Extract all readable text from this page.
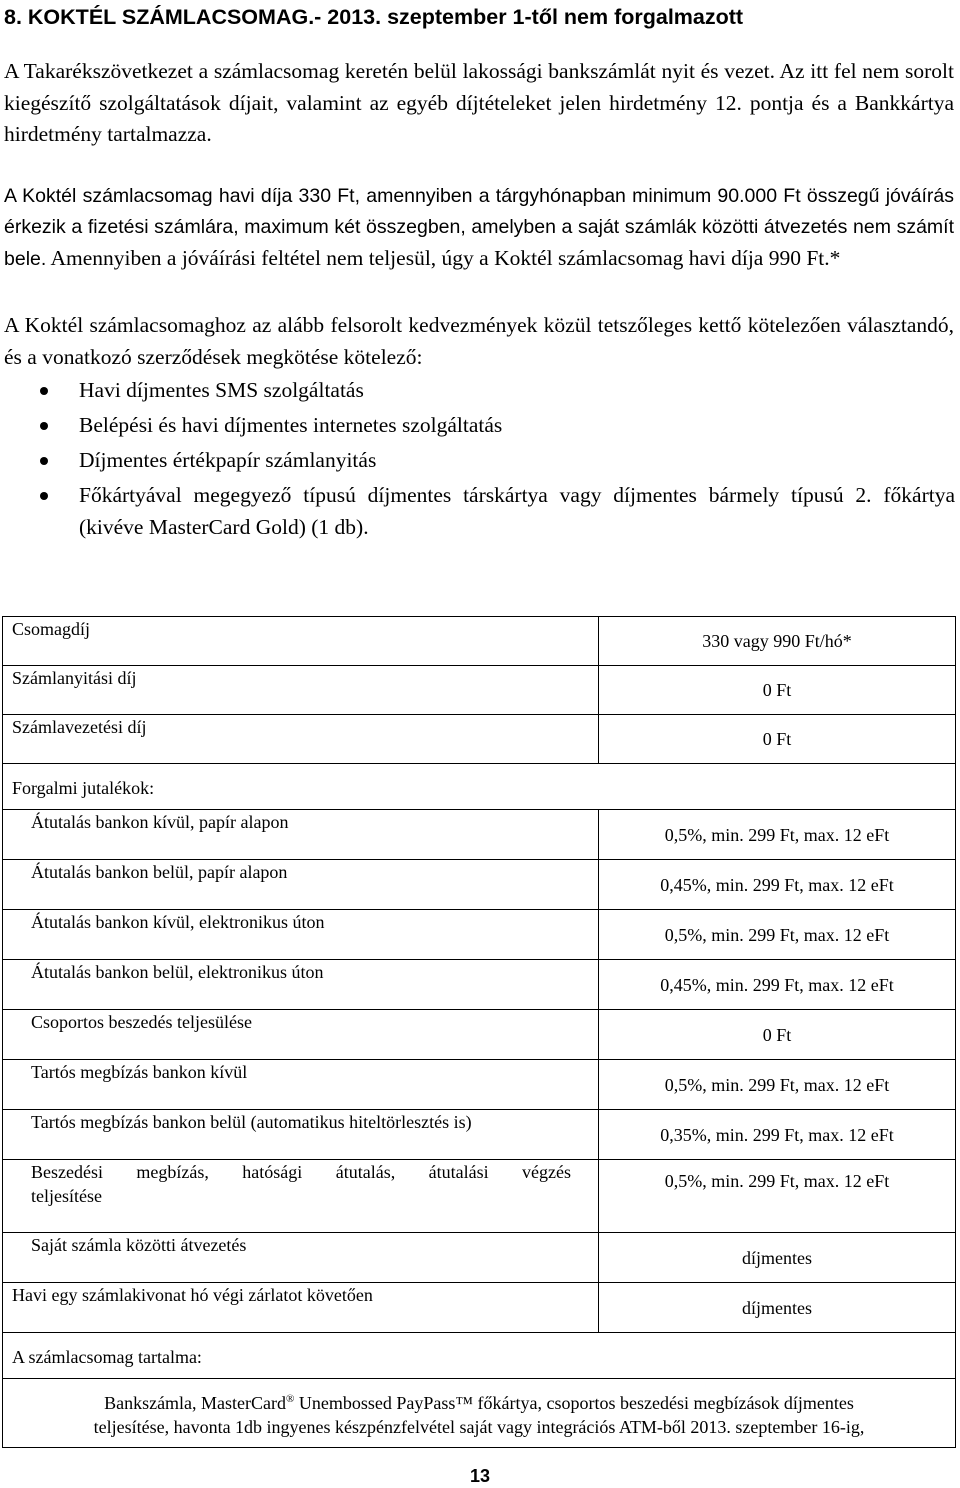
8. KOKTÉL SZÁMLACSOMAG.- 2013. szeptember 1-től nem forgalmazott
A Takarékszövetkezet a számlacsomag keretén belül lakossági bankszámlát nyit és vezet. Az itt fel nem sorolt kiegészítő szolgáltatások díjait, valamint az egyéb díjtételeket jelen hirdetmény 12. pontja és a Bankkártya hirdetmény tartalmazza.
A Koktél számlacsomag havi díja 330 Ft, amennyiben a tárgyhónapban minimum 90.000 Ft összegű jóváírás érkezik a fizetési számlára, maximum két összegben, amelyben a saját számlák közötti átvezetés nem számít bele. Amennyiben a jóváírási feltétel nem teljesül, úgy a Koktél számlacsomag havi díja 990 Ft.*
A Koktél számlacsomaghoz az alább felsorolt kedvezmények közül tetszőleges kettő kötelezően választandó, és a vonatkozó szerződések megkötése kötelező:
Havi díjmentes SMS szolgáltatás
Belépési és havi díjmentes internetes szolgáltatás
Díjmentes értékpapír számlanyitás
Főkártyával megegyező típusú díjmentes társkártya vagy díjmentes bármely típusú 2. főkártya (kivéve MasterCard Gold) (1 db).
Csomagdíj	330 vagy 990 Ft/hó*

Számlanyitási díj	0 Ft

Számlavezetési díj	0 Ft

Forgalmi jutalékok:	

Átutalás bankon kívül, papír alapon	0,5%, min. 299 Ft, max. 12 eFt

Átutalás bankon belül, papír alapon	0,45%, min. 299 Ft, max. 12 eFt

Átutalás bankon kívül, elektronikus úton	0,5%, min. 299 Ft, max. 12 eFt

Átutalás bankon belül, elektronikus úton	0,45%, min. 299 Ft, max. 12 eFt

Csoportos beszedés teljesülése	0 Ft

Tartós megbízás bankon kívül	0,5%, min. 299 Ft, max. 12 eFt

Tartós megbízás bankon belül (automatikus hiteltörlesztés is)	0,35%, min. 299 Ft, max. 12 eFt

Beszedési megbízás, hatósági átutalás, átutalási végzés
teljesítése	0,5%, min. 299 Ft, max. 12 eFt

Saját számla közötti átvezetés	díjmentes

Havi egy számlakivonat hó végi zárlatot követően	díjmentes

A számlacsomag tartalma:	

Bankszámla, MasterCard® Unembossed PayPass™ főkártya, csoportos beszedési megbízások díjmentes
teljesítése, havonta 1db ingyenes készpénzfelvétel saját vagy integrációs ATM-ből 2013. szeptember 16-ig,	
13
